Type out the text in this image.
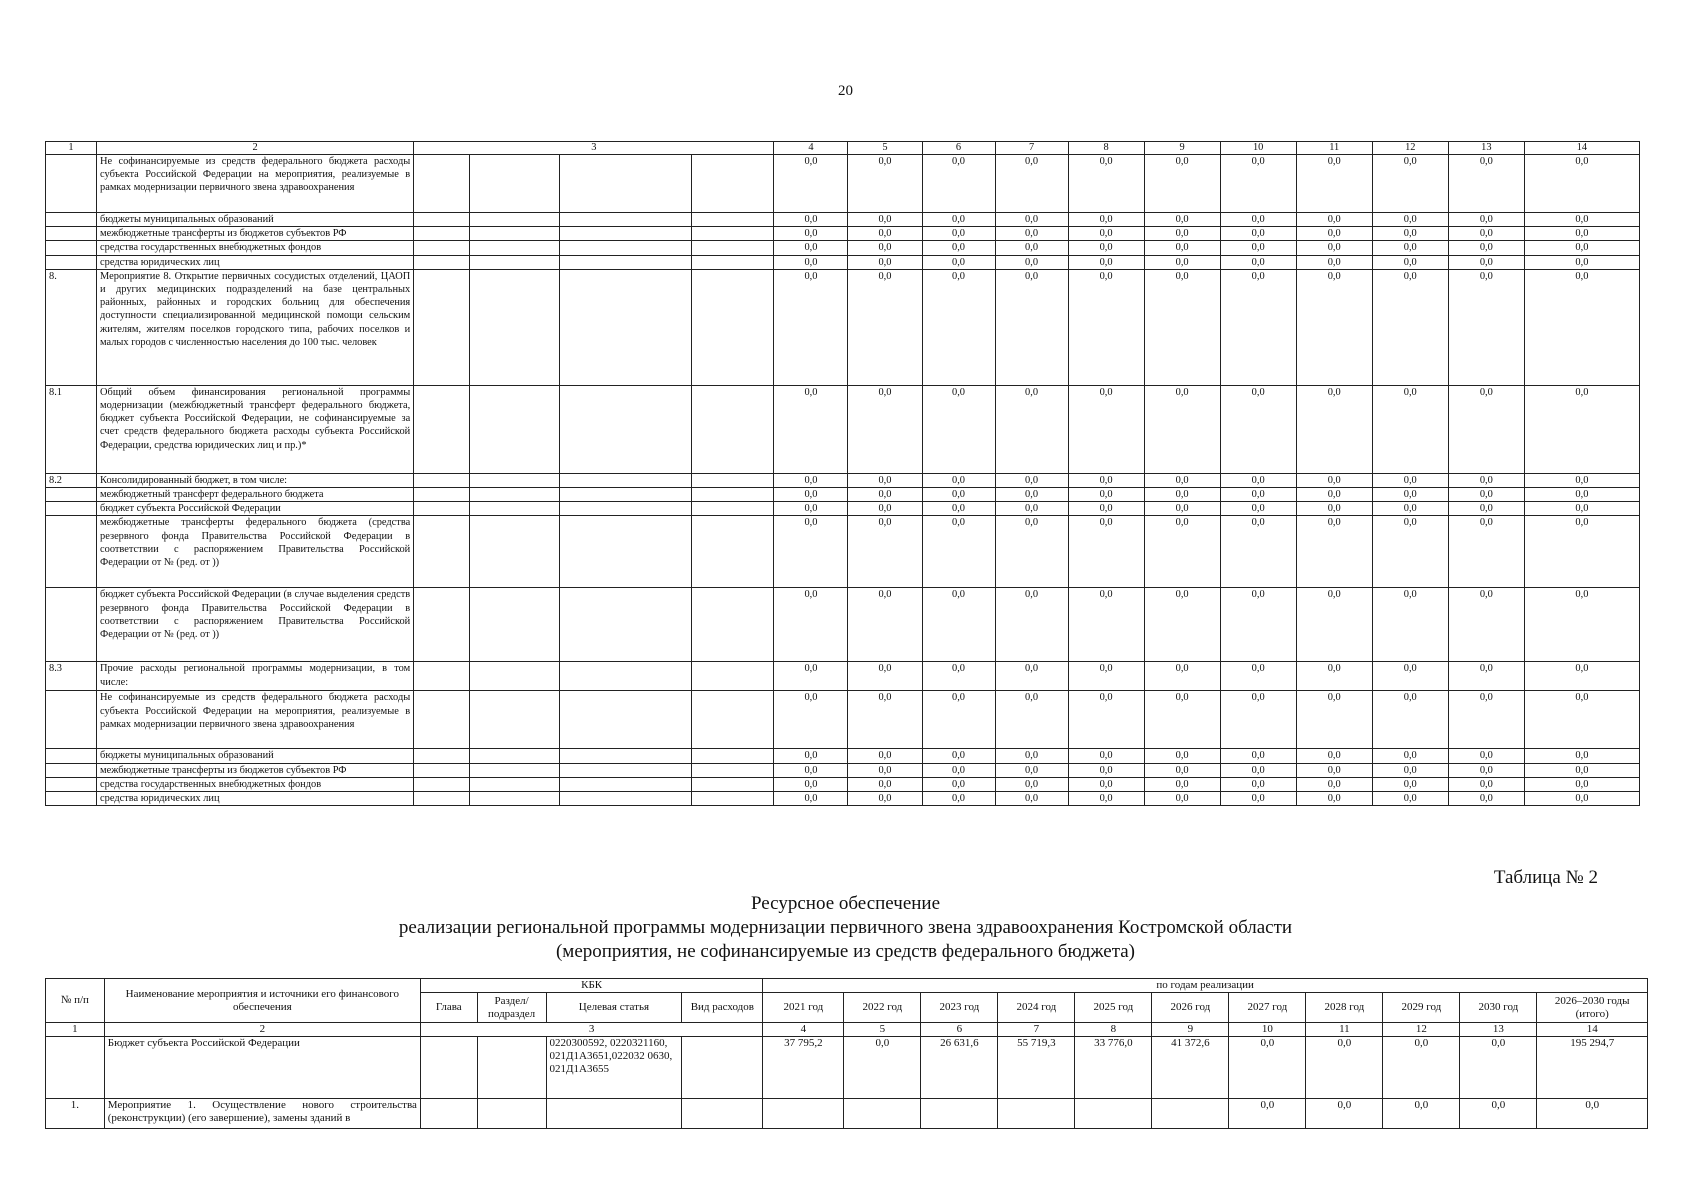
20
1	2	3				4	5	6	7	8	9	10	11	12	13	14
	Не софинансируемые из средств федерального бюджета расходы субъекта Российской Федерации на мероприятия, реализуемые в рамках модернизации первичного звена здравоохранения					0,0	0,0	0,0	0,0	0,0	0,0	0,0	0,0	0,0	0,0	0,0
	бюджеты муниципальных образований					0,0	0,0	0,0	0,0	0,0	0,0	0,0	0,0	0,0	0,0	0,0
	межбюджетные трансферты из бюджетов субъектов РФ					0,0	0,0	0,0	0,0	0,0	0,0	0,0	0,0	0,0	0,0	0,0
	средства государственных внебюджетных фондов					0,0	0,0	0,0	0,0	0,0	0,0	0,0	0,0	0,0	0,0	0,0
	средства юридических лиц					0,0	0,0	0,0	0,0	0,0	0,0	0,0	0,0	0,0	0,0	0,0
8.	Мероприятие 8. Открытие первичных сосудистых отделений, ЦАОП и других медицинских подразделений на базе центральных районных, районных и городских больниц для обеспечения доступности специализированной медицинской помощи сельским жителям, жителям поселков городского типа, рабочих поселков и малых городов с численностью населения до 100 тыс. человек					0,0	0,0	0,0	0,0	0,0	0,0	0,0	0,0	0,0	0,0	0,0
8.1	Общий объем финансирования региональной программы модернизации (межбюджетный трансферт федерального бюджета, бюджет субъекта Российской Федерации, не софинансируемые за счет средств федерального бюджета расходы субъекта Российской Федерации, средства юридических лиц и пр.)*					0,0	0,0	0,0	0,0	0,0	0,0	0,0	0,0	0,0	0,0	0,0
8.2	Консолидированный бюджет, в том числе:					0,0	0,0	0,0	0,0	0,0	0,0	0,0	0,0	0,0	0,0	0,0
	межбюджетный трансферт федерального бюджета					0,0	0,0	0,0	0,0	0,0	0,0	0,0	0,0	0,0	0,0	0,0
	бюджет субъекта Российской Федерации					0,0	0,0	0,0	0,0	0,0	0,0	0,0	0,0	0,0	0,0	0,0
	межбюджетные трансферты федерального бюджета (средства резервного фонда Правительства Российской Федерации в соответствии с распоряжением Правительства Российской Федерации от № (ред. от ))					0,0	0,0	0,0	0,0	0,0	0,0	0,0	0,0	0,0	0,0	0,0
	бюджет субъекта Российской Федерации (в случае выделения средств резервного фонда Правительства Российской Федерации в соответствии с распоряжением Правительства Российской Федерации от № (ред. от ))					0,0	0,0	0,0	0,0	0,0	0,0	0,0	0,0	0,0	0,0	0,0
8.3	Прочие расходы региональной программы модернизации, в том числе:					0,0	0,0	0,0	0,0	0,0	0,0	0,0	0,0	0,0	0,0	0,0
	Не софинансируемые из средств федерального бюджета расходы субъекта Российской Федерации на мероприятия, реализуемые в рамках модернизации первичного звена здравоохранения					0,0	0,0	0,0	0,0	0,0	0,0	0,0	0,0	0,0	0,0	0,0
	бюджеты муниципальных образований					0,0	0,0	0,0	0,0	0,0	0,0	0,0	0,0	0,0	0,0	0,0
	межбюджетные трансферты из бюджетов субъектов РФ					0,0	0,0	0,0	0,0	0,0	0,0	0,0	0,0	0,0	0,0	0,0
	средства государственных внебюджетных фондов					0,0	0,0	0,0	0,0	0,0	0,0	0,0	0,0	0,0	0,0	0,0
	средства юридических лиц					0,0	0,0	0,0	0,0	0,0	0,0	0,0	0,0	0,0	0,0	0,0
Таблица № 2
Ресурсное обеспечение
реализации региональной программы модернизации первичного звена здравоохранения Костромской области
(мероприятия, не софинансируемые из средств федерального бюджета)
№ п/п	Наименование мероприятия и источники его финансового обеспечения	КБК				по годам реализации										
		Глава	Раздел/ подраздел	Целевая статья	Вид расходов	2021 год	2022 год	2023 год	2024 год	2025 год	2026 год	2027 год	2028 год	2029 год	2030 год	2026–2030 годы (итого)
1	2	3				4	5	6	7	8	9	10	11	12	13	14
	Бюджет субъекта Российской Федерации			0220300592, 0220321160, 021Д1А3651,022032 0630, 021Д1А3655		37 795,2	0,0	26 631,6	55 719,3	33 776,0	41 372,6	0,0	0,0	0,0	0,0	195 294,7
1.	Мероприятие 1. Осуществление нового строительства (реконструкции) (его завершение), замены зданий в											0,0	0,0	0,0	0,0	0,0
